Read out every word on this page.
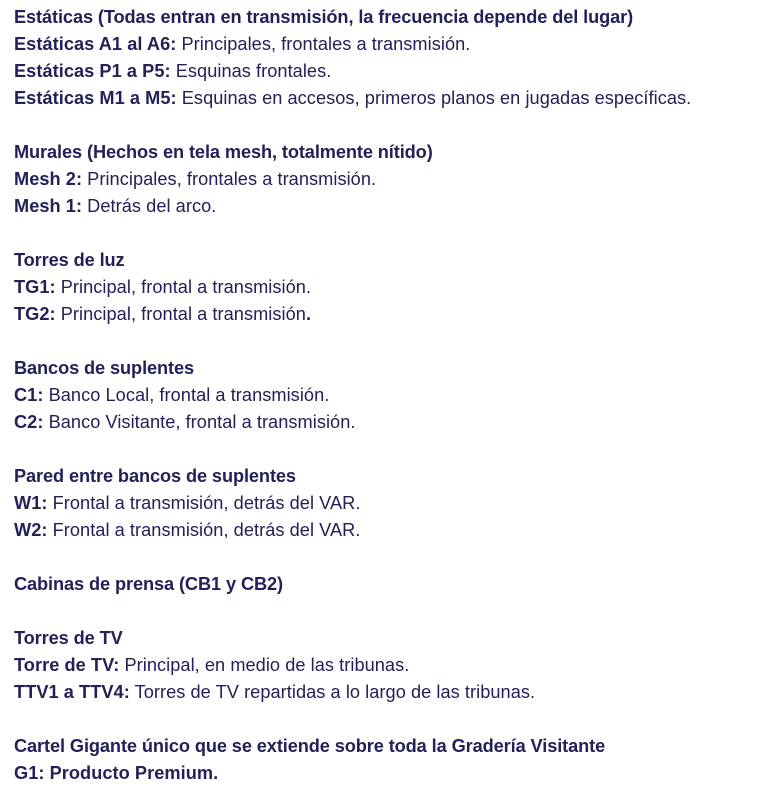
Estáticas (Todas entran en transmisión, la frecuencia depende del lugar)
Estáticas A1 al A6: Principales, frontales a transmisión.
Estáticas P1 a P5: Esquinas frontales.
Estáticas M1 a M5: Esquinas en accesos, primeros planos en jugadas específicas.
Murales (Hechos en tela mesh, totalmente nítido)
Mesh 2: Principales, frontales a transmisión.
Mesh 1: Detrás del arco.
Torres de luz
TG1: Principal, frontal a transmisión.
TG2: Principal, frontal a transmisión.
Bancos de suplentes
C1: Banco Local, frontal a transmisión.
C2: Banco Visitante, frontal a transmisión.
Pared entre bancos de suplentes
W1: Frontal a transmisión, detrás del VAR.
W2: Frontal a transmisión, detrás del VAR.
Cabinas de prensa (CB1 y CB2)
Torres de TV
Torre de TV: Principal, en medio de las tribunas.
TTV1 a TTV4: Torres de TV repartidas a lo largo de las tribunas.
Cartel Gigante único que se extiende sobre toda la Gradería Visitante
G1: Producto Premium.
